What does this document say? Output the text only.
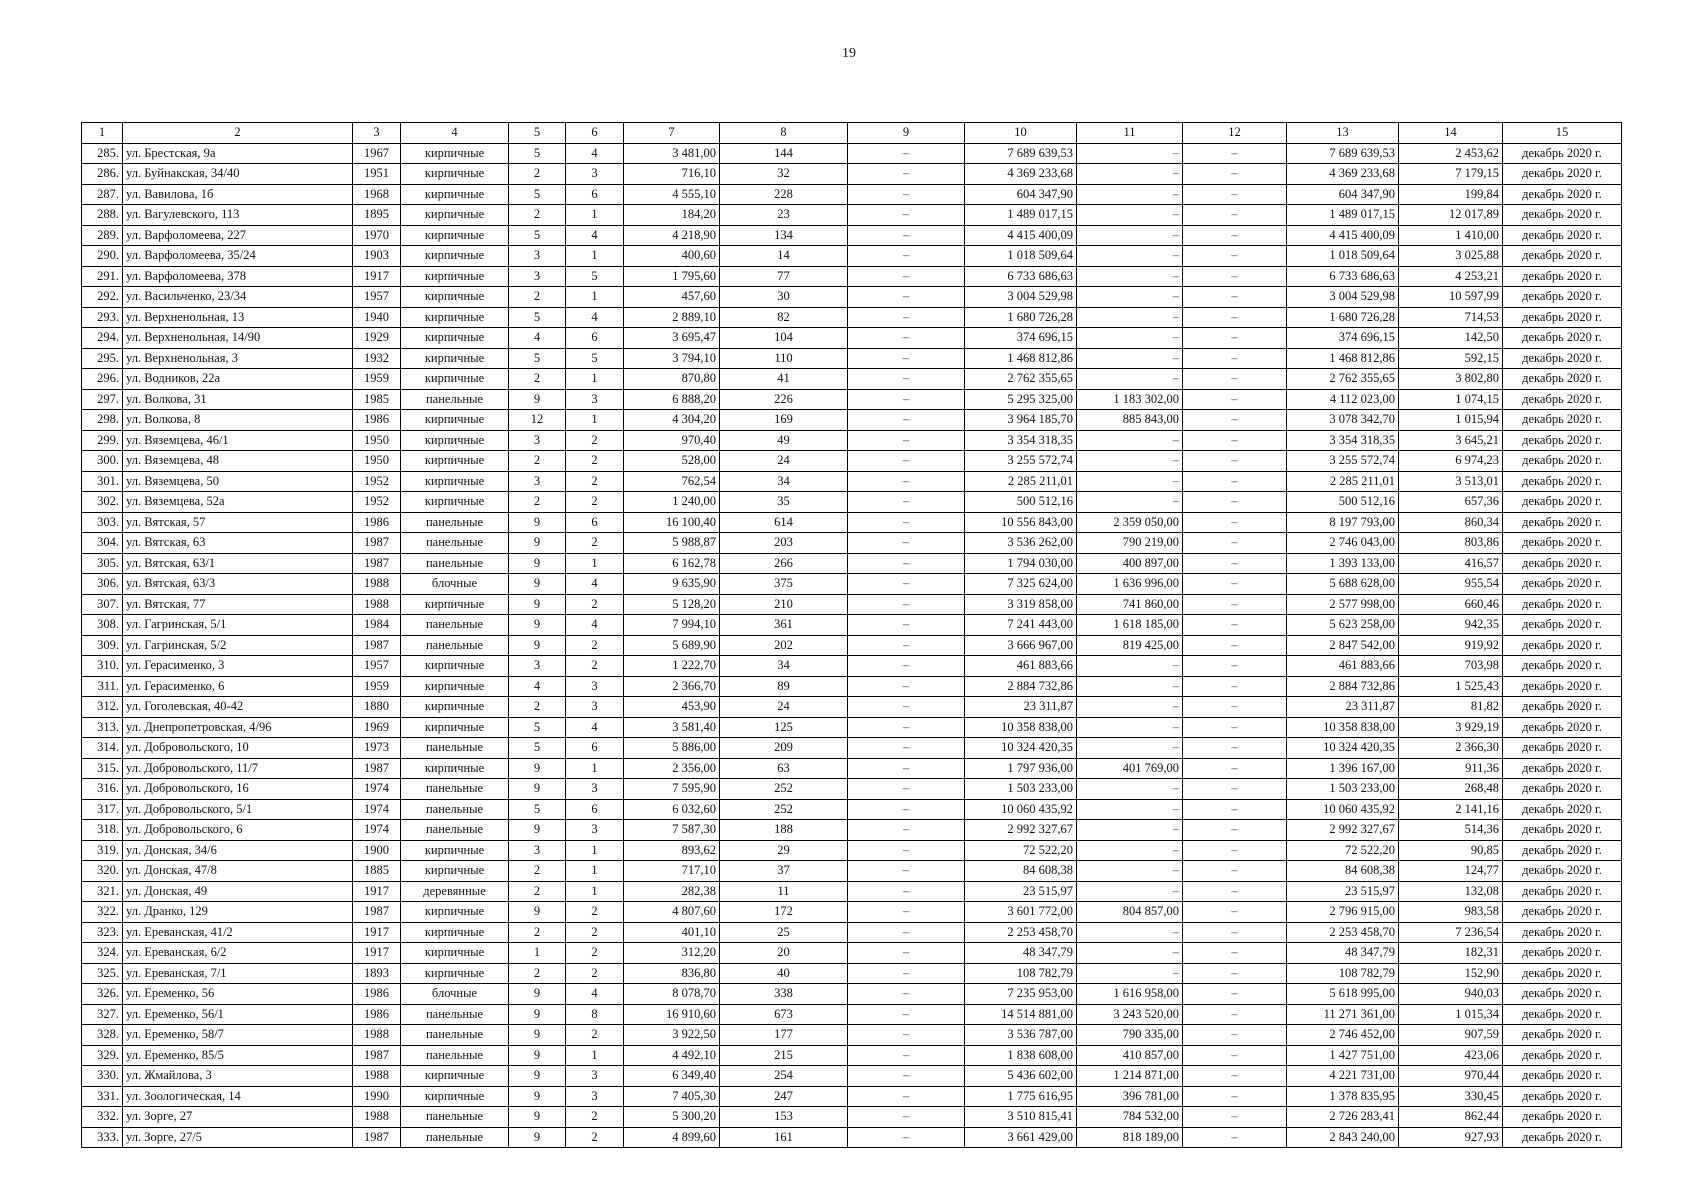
19
1	2	3	4	5	6	7	8	9	10	11	12	13	14	15
285.	ул. Брестская, 9а	1967	кирпичные	5	4	3 481,00	144	–	7 689 639,53	–	–	7 689 639,53	2 453,62	декабрь 2020 г.
286.	ул. Буйнакская, 34/40	1951	кирпичные	2	3	716,10	32	–	4 369 233,68	–	–	4 369 233,68	7 179,15	декабрь 2020 г.
287.	ул. Вавилова, 1б	1968	кирпичные	5	6	4 555,10	228	–	604 347,90	–	–	604 347,90	199,84	декабрь 2020 г.
288.	ул. Вагулевского, 113	1895	кирпичные	2	1	184,20	23	–	1 489 017,15	–	–	1 489 017,15	12 017,89	декабрь 2020 г.
289.	ул. Варфоломеева, 227	1970	кирпичные	5	4	4 218,90	134	–	4 415 400,09	–	–	4 415 400,09	1 410,00	декабрь 2020 г.
290.	ул. Варфоломеева, 35/24	1903	кирпичные	3	1	400,60	14	–	1 018 509,64	–	–	1 018 509,64	3 025,88	декабрь 2020 г.
291.	ул. Варфоломеева, 378	1917	кирпичные	3	5	1 795,60	77	–	6 733 686,63	–	–	6 733 686,63	4 253,21	декабрь 2020 г.
292.	ул. Васильченко, 23/34	1957	кирпичные	2	1	457,60	30	–	3 004 529,98	–	–	3 004 529,98	10 597,99	декабрь 2020 г.
293.	ул. Верхненольная, 13	1940	кирпичные	5	4	2 889,10	82	–	1 680 726,28	–	–	1 680 726,28	714,53	декабрь 2020 г.
294.	ул. Верхненольная, 14/90	1929	кирпичные	4	6	3 695,47	104	–	374 696,15	–	–	374 696,15	142,50	декабрь 2020 г.
295.	ул. Верхненольная, 3	1932	кирпичные	5	5	3 794,10	110	–	1 468 812,86	–	–	1 468 812,86	592,15	декабрь 2020 г.
296.	ул. Водников, 22а	1959	кирпичные	2	1	870,80	41	–	2 762 355,65	–	–	2 762 355,65	3 802,80	декабрь 2020 г.
297.	ул. Волкова, 31	1985	панельные	9	3	6 888,20	226	–	5 295 325,00	1 183 302,00	–	4 112 023,00	1 074,15	декабрь 2020 г.
298.	ул. Волкова, 8	1986	кирпичные	12	1	4 304,20	169	–	3 964 185,70	885 843,00	–	3 078 342,70	1 015,94	декабрь 2020 г.
299.	ул. Вяземцева, 46/1	1950	кирпичные	3	2	970,40	49	–	3 354 318,35	–	–	3 354 318,35	3 645,21	декабрь 2020 г.
300.	ул. Вяземцева, 48	1950	кирпичные	2	2	528,00	24	–	3 255 572,74	–	–	3 255 572,74	6 974,23	декабрь 2020 г.
301.	ул. Вяземцева, 50	1952	кирпичные	3	2	762,54	34	–	2 285 211,01	–	–	2 285 211,01	3 513,01	декабрь 2020 г.
302.	ул. Вяземцева, 52а	1952	кирпичные	2	2	1 240,00	35	–	500 512,16	–	–	500 512,16	657,36	декабрь 2020 г.
303.	ул. Вятская, 57	1986	панельные	9	6	16 100,40	614	–	10 556 843,00	2 359 050,00	–	8 197 793,00	860,34	декабрь 2020 г.
304.	ул. Вятская, 63	1987	панельные	9	2	5 988,87	203	–	3 536 262,00	790 219,00	–	2 746 043,00	803,86	декабрь 2020 г.
305.	ул. Вятская, 63/1	1987	панельные	9	1	6 162,78	266	–	1 794 030,00	400 897,00	–	1 393 133,00	416,57	декабрь 2020 г.
306.	ул. Вятская, 63/3	1988	блочные	9	4	9 635,90	375	–	7 325 624,00	1 636 996,00	–	5 688 628,00	955,54	декабрь 2020 г.
307.	ул. Вятская, 77	1988	кирпичные	9	2	5 128,20	210	–	3 319 858,00	741 860,00	–	2 577 998,00	660,46	декабрь 2020 г.
308.	ул. Гагринская, 5/1	1984	панельные	9	4	7 994,10	361	–	7 241 443,00	1 618 185,00	–	5 623 258,00	942,35	декабрь 2020 г.
309.	ул. Гагринская, 5/2	1987	панельные	9	2	5 689,90	202	–	3 666 967,00	819 425,00	–	2 847 542,00	919,92	декабрь 2020 г.
310.	ул. Герасименко, 3	1957	кирпичные	3	2	1 222,70	34	–	461 883,66	–	–	461 883,66	703,98	декабрь 2020 г.
311.	ул. Герасименко, 6	1959	кирпичные	4	3	2 366,70	89	–	2 884 732,86	–	–	2 884 732,86	1 525,43	декабрь 2020 г.
312.	ул. Гоголевская, 40-42	1880	кирпичные	2	3	453,90	24	–	23 311,87	–	–	23 311,87	81,82	декабрь 2020 г.
313.	ул. Днепропетровская, 4/96	1969	кирпичные	5	4	3 581,40	125	–	10 358 838,00	–	–	10 358 838,00	3 929,19	декабрь 2020 г.
314.	ул. Добровольского, 10	1973	панельные	5	6	5 886,00	209	–	10 324 420,35	–	–	10 324 420,35	2 366,30	декабрь 2020 г.
315.	ул. Добровольского, 11/7	1987	кирпичные	9	1	2 356,00	63	–	1 797 936,00	401 769,00	–	1 396 167,00	911,36	декабрь 2020 г.
316.	ул. Добровольского, 16	1974	панельные	9	3	7 595,90	252	–	1 503 233,00	–	–	1 503 233,00	268,48	декабрь 2020 г.
317.	ул. Добровольского, 5/1	1974	панельные	5	6	6 032,60	252	–	10 060 435,92	–	–	10 060 435,92	2 141,16	декабрь 2020 г.
318.	ул. Добровольского, 6	1974	панельные	9	3	7 587,30	188	–	2 992 327,67	–	–	2 992 327,67	514,36	декабрь 2020 г.
319.	ул. Донская, 34/6	1900	кирпичные	3	1	893,62	29	–	72 522,20	–	–	72 522,20	90,85	декабрь 2020 г.
320.	ул. Донская, 47/8	1885	кирпичные	2	1	717,10	37	–	84 608,38	–	–	84 608,38	124,77	декабрь 2020 г.
321.	ул. Донская, 49	1917	деревянные	2	1	282,38	11	–	23 515,97	–	–	23 515,97	132,08	декабрь 2020 г.
322.	ул. Дранко, 129	1987	кирпичные	9	2	4 807,60	172	–	3 601 772,00	804 857,00	–	2 796 915,00	983,58	декабрь 2020 г.
323.	ул. Ереванская, 41/2	1917	кирпичные	2	2	401,10	25	–	2 253 458,70	–	–	2 253 458,70	7 236,54	декабрь 2020 г.
324.	ул. Ереванская, 6/2	1917	кирпичные	1	2	312,20	20	–	48 347,79	–	–	48 347,79	182,31	декабрь 2020 г.
325.	ул. Ереванская, 7/1	1893	кирпичные	2	2	836,80	40	–	108 782,79	–	–	108 782,79	152,90	декабрь 2020 г.
326.	ул. Еременко, 56	1986	блочные	9	4	8 078,70	338	–	7 235 953,00	1 616 958,00	–	5 618 995,00	940,03	декабрь 2020 г.
327.	ул. Еременко, 56/1	1986	панельные	9	8	16 910,60	673	–	14 514 881,00	3 243 520,00	–	11 271 361,00	1 015,34	декабрь 2020 г.
328.	ул. Еременко, 58/7	1988	панельные	9	2	3 922,50	177	–	3 536 787,00	790 335,00	–	2 746 452,00	907,59	декабрь 2020 г.
329.	ул. Еременко, 85/5	1987	панельные	9	1	4 492,10	215	–	1 838 608,00	410 857,00	–	1 427 751,00	423,06	декабрь 2020 г.
330.	ул. Жмайлова, 3	1988	кирпичные	9	3	6 349,40	254	–	5 436 602,00	1 214 871,00	–	4 221 731,00	970,44	декабрь 2020 г.
331.	ул. Зоологическая, 14	1990	кирпичные	9	3	7 405,30	247	–	1 775 616,95	396 781,00	–	1 378 835,95	330,45	декабрь 2020 г.
332.	ул. Зорге, 27	1988	панельные	9	2	5 300,20	153	–	3 510 815,41	784 532,00	–	2 726 283,41	862,44	декабрь 2020 г.
333.	ул. Зорге, 27/5	1987	панельные	9	2	4 899,60	161	–	3 661 429,00	818 189,00	–	2 843 240,00	927,93	декабрь 2020 г.
